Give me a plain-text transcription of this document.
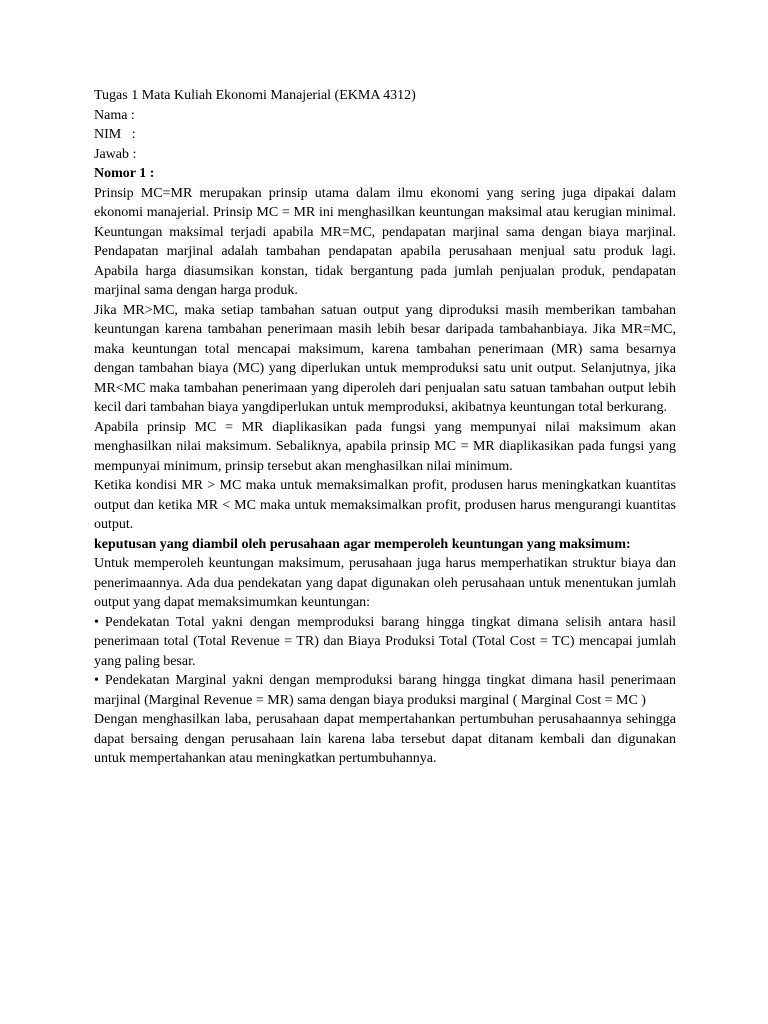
Tugas 1 Mata Kuliah Ekonomi Manajerial (EKMA 4312)

Nama :

NIM   :

Jawab :

Nomor 1 :

Prinsip MC=MR merupakan prinsip utama dalam ilmu ekonomi yang sering juga dipakai dalam ekonomi manajerial. Prinsip MC = MR ini menghasilkan keuntungan maksimal atau kerugian minimal. Keuntungan maksimal terjadi apabila MR=MC, pendapatan marjinal sama dengan biaya marjinal. Pendapatan marjinal adalah tambahan pendapatan apabila perusahaan menjual satu produk lagi. Apabila harga diasumsikan konstan, tidak bergantung pada jumlah penjualan produk, pendapatan marjinal sama dengan harga produk.

Jika MR>MC, maka setiap tambahan satuan output yang diproduksi masih memberikan tambahan keuntungan karena tambahan penerimaan masih lebih besar daripada tambahanbiaya. Jika MR=MC, maka keuntungan total mencapai maksimum, karena tambahan penerimaan (MR) sama besarnya dengan tambahan biaya (MC) yang diperlukan untuk memproduksi satu unit output. Selanjutnya, jika MR<MC maka tambahan penerimaan yang diperoleh dari penjualan satu satuan tambahan output lebih kecil dari tambahan biaya yangdiperlukan untuk memproduksi, akibatnya keuntungan total berkurang.

Apabila prinsip MC = MR diaplikasikan pada fungsi yang mempunyai nilai maksimum akan menghasilkan nilai maksimum. Sebaliknya, apabila prinsip MC = MR diaplikasikan pada fungsi yang mempunyai minimum, prinsip tersebut akan menghasilkan nilai minimum.

Ketika kondisi MR > MC maka untuk memaksimalkan profit, produsen harus meningkatkan kuantitas output dan ketika MR < MC maka untuk memaksimalkan profit, produsen harus mengurangi kuantitas output.

keputusan yang diambil oleh perusahaan agar memperoleh keuntungan yang maksimum:

Untuk memperoleh keuntungan maksimum, perusahaan juga harus memperhatikan struktur biaya dan penerimaannya. Ada dua pendekatan yang dapat digunakan oleh perusahaan untuk menentukan jumlah output yang dapat memaksimumkan keuntungan:

• Pendekatan Total yakni dengan memproduksi barang hingga tingkat dimana selisih antara hasil penerimaan total (Total Revenue = TR) dan Biaya Produksi Total (Total Cost = TC) mencapai jumlah yang paling besar.

• Pendekatan Marginal yakni dengan memproduksi barang hingga tingkat dimana hasil penerimaan marjinal (Marginal Revenue = MR) sama dengan biaya produksi marginal ( Marginal Cost = MC )

Dengan menghasilkan laba, perusahaan dapat mempertahankan pertumbuhan perusahaannya sehingga dapat bersaing dengan perusahaan lain karena laba tersebut dapat ditanam kembali dan digunakan untuk mempertahankan atau meningkatkan pertumbuhannya.
